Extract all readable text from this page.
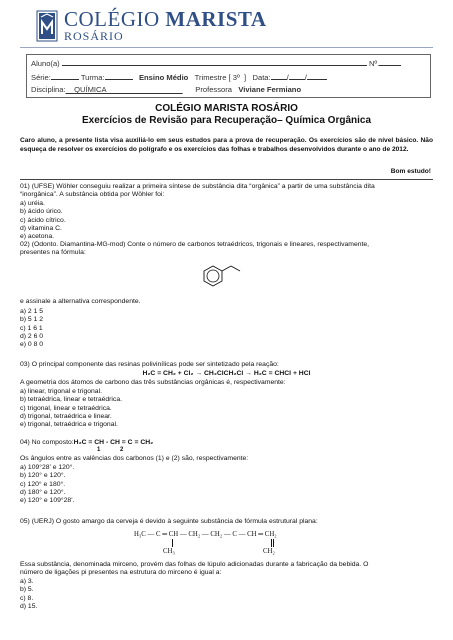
COLÉGIO MARISTA
ROSÁRIO
Aluno(a)	Nº.
Série:	Turma:	Ensino Médio Trimestre [ 3º ] Data: / /
Disciplina:__QUÍMICA__________________ Professora Viviane Fermiano
COLÉGIO MARISTA ROSÁRIO
Exercícios de Revisão para Recuperação– Química Orgânica
Caro aluno, a presente lista visa auxiliá-lo em seus estudos para a prova de recuperação. Os exercícios são de nível básico. Não esqueça de resolver os exercícios do polígrafo e os exercícios das folhas e trabalhos desenvolvidos durante o ano de 2012.
Bom estudo!
01) (UFSE) Wöhler conseguiu realizar a primeira síntese de substância dita “orgânica” a partir de uma substância dita
“inorgânica”. A substância obtida por Wöhler foi:
a) uréia.
b) ácido úrico.
c) ácido cítrico.
d) vitamina C.
e) acetona.
02) (Odonto. Diamantina-MG-mod) Conte o número de carbonos tetraédricos, trigonais e lineares, respectivamente,
presentes na fórmula:
e assinale a alternativa correspondente.
a) 2 1 5
b) 5 1 2
c) 1 6 1
d) 2 6 0
e) 0 8 0
03) O principal componente das resinas polivinílicas pode ser sintetizado pela reação:
H₂C = CH₂ + Cl₂ → CH₂ClCH₂Cl → H₂C = CHCl + HCl
A geometria dos átomos de carbono das três substâncias orgânicas é, respectivamente:
a) linear, trigonal e trigonal.
b) tetraédrica, linear e tetraédrica.
c) trigonal, linear e tetraédrica.
d) trigonal, tetraédrica e linear.
e) trigonal, tetraédrica e trigonal.
04) No composto:H₂C = CH - CH = C = CH₂
1	2
Os ângulos entre as valências dos carbonos (1) e (2) são, respectivamente:
a) 109°28’ e 120°.
b) 120° e 120°.
c) 120° e 180°.
d) 180° e 120°.
e) 120° e 109°28’.
05) (UERJ) O gosto amargo da cerveja é devido à seguinte substância de fórmula estrutural plana:
H₃C — C ═ CH — CH₂ — CH₂ — C — CH ═ CH₂
CH₃	CH₂
Essa substância, denominada mirceno, provém das folhas de lúpulo adicionadas durante a fabricação da bebida. O
número de ligações pi presentes na estrutura do mirceno é igual a:
a) 3.
b) 5.
c) 8.
d) 15.
